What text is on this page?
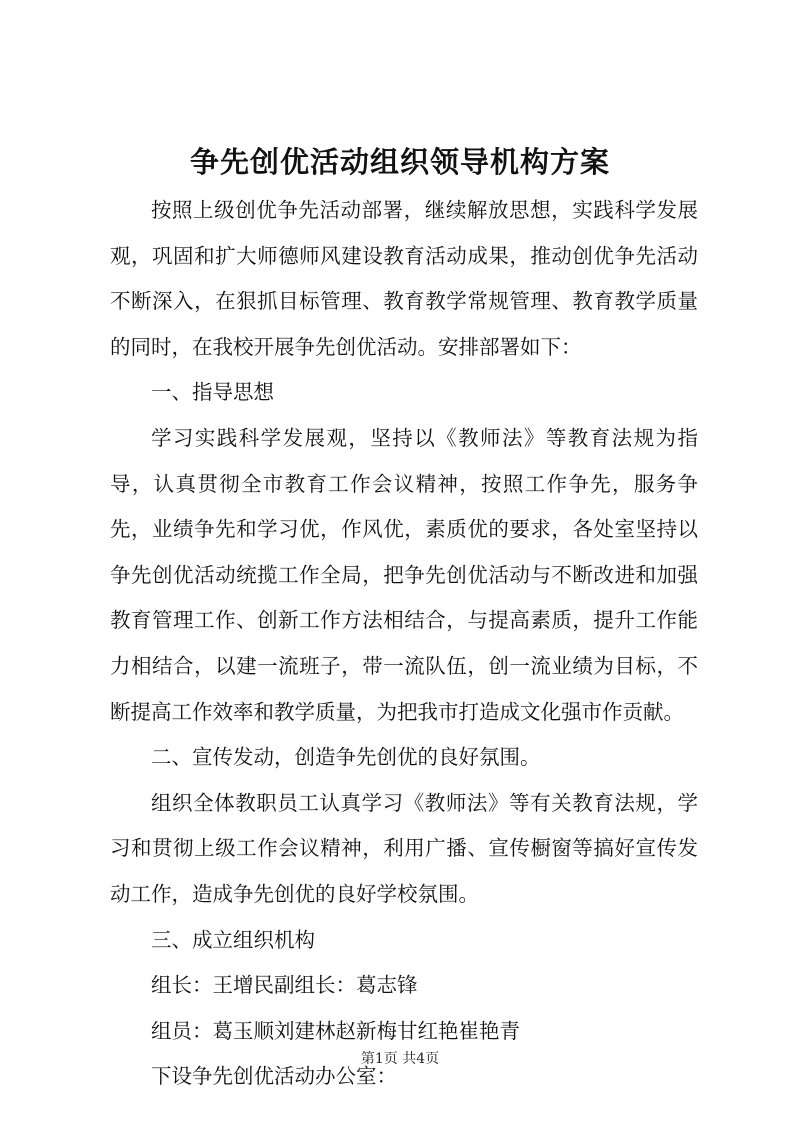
争先创优活动组织领导机构方案

按照上级创优争先活动部署，继续解放思想，实践科学发展观，巩固和扩大师德师风建设教育活动成果，推动创优争先活动不断深入，在狠抓目标管理、教育教学常规管理、教育教学质量的同时，在我校开展争先创优活动。安排部署如下：

一、指导思想

学习实践科学发展观，坚持以《教师法》等教育法规为指导，认真贯彻全市教育工作会议精神，按照工作争先，服务争先，业绩争先和学习优，作风优，素质优的要求，各处室坚持以争先创优活动统揽工作全局，把争先创优活动与不断改进和加强教育管理工作、创新工作方法相结合，与提高素质，提升工作能力相结合，以建一流班子，带一流队伍，创一流业绩为目标，不断提高工作效率和教学质量，为把我市打造成文化强市作贡献。

二、宣传发动，创造争先创优的良好氛围。

组织全体教职员工认真学习《教师法》等有关教育法规，学习和贯彻上级工作会议精神，利用广播、宣传橱窗等搞好宣传发动工作，造成争先创优的良好学校氛围。

三、成立组织机构

组长：王增民副组长：葛志锋

组员：葛玉顺刘建林赵新梅甘红艳崔艳青

下设争先创优活动办公室：

第1页 共4页
